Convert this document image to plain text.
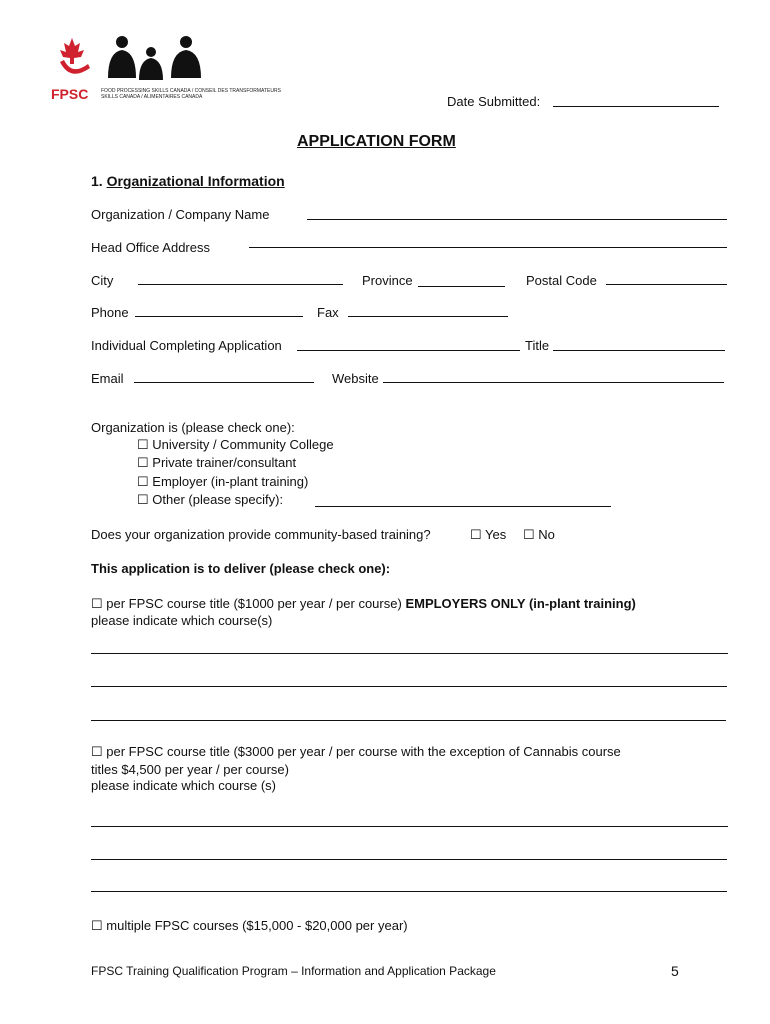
FPSC	FOOD PROCESSING SKILLS CANADA / CONSEIL DES TRANSFORMATEURS
SKILLS CANADA / ALIMENTAIRES CANADA	Date Submitted:
APPLICATION FORM
1. Organizational Information
Organization / Company Name
Head Office Address
City	Province	Postal Code
Phone	Fax
Individual Completing Application	Title
Email	Website
Organization is (please check one):
☐ University / Community College
☐ Private trainer/consultant
☐ Employer (in-plant training)
☐ Other (please specify):
Does your organization provide community-based training?	☐ Yes ☐ No
This application is to deliver (please check one):
☐ per FPSC course title ($1000 per year / per course) EMPLOYERS ONLY (in-plant training)
please indicate which course(s)
☐ per FPSC course title ($3000 per year / per course with the exception of Cannabis course
titles $4,500 per year / per course)
please indicate which course (s)
☐ multiple FPSC courses ($15,000 - $20,000 per year)
FPSC Training Qualification Program – Information and Application Package	5
